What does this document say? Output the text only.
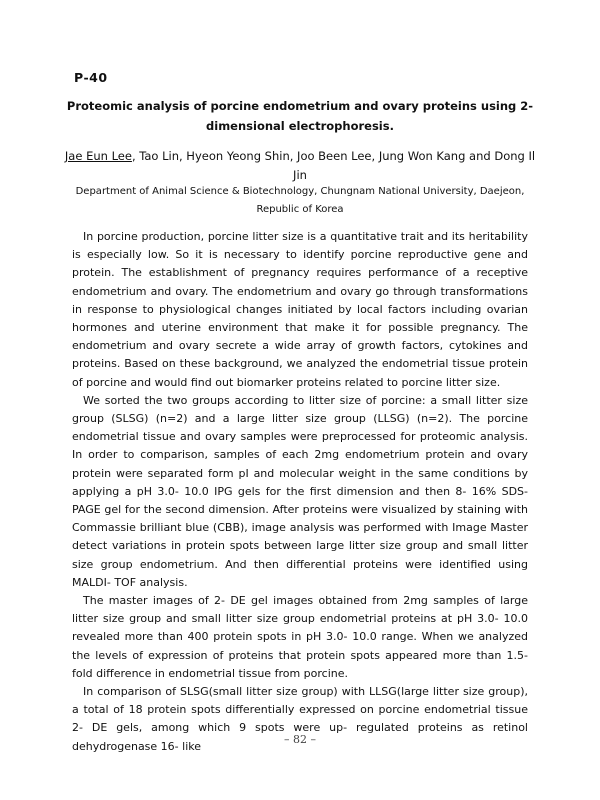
P-40
Proteomic analysis of porcine endometrium and ovary proteins using 2- dimensional electrophoresis.
Jae Eun Lee, Tao Lin, Hyeon Yeong Shin, Joo Been Lee, Jung Won Kang and Dong Il Jin
Department of Animal Science & Biotechnology, Chungnam National University, Daejeon, Republic of Korea

In porcine production, porcine litter size is a quantitative trait and its heritability is especially low. So it is necessary to identify porcine reproductive gene and protein. The establishment of pregnancy requires performance of a receptive endometrium and ovary. The endometrium and ovary go through transformations in response to physiological changes initiated by local factors including ovarian hormones and uterine environment that make it for possible pregnancy. The endometrium and ovary secrete a wide array of growth factors, cytokines and proteins. Based on these background, we analyzed the endometrial tissue protein of porcine and would find out biomarker proteins related to porcine litter size.

We sorted the two groups according to litter size of porcine: a small litter size group (SLSG) (n=2) and a large litter size group (LLSG) (n=2). The porcine endometrial tissue and ovary samples were preprocessed for proteomic analysis. In order to comparison, samples of each 2mg endometrium protein and ovary protein were separated form pI and molecular weight in the same conditions by applying a pH 3.0- 10.0 IPG gels for the first dimension and then 8- 16% SDS- PAGE gel for the second dimension. After proteins were visualized by staining with Commassie brilliant blue (CBB), image analysis was performed with Image Master detect variations in protein spots between large litter size group and small litter size group endometrium. And then differential proteins were identified using MALDI- TOF analysis.

The master images of 2- DE gel images obtained from 2mg samples of large litter size group and small litter size group endometrial proteins at pH 3.0- 10.0 revealed more than 400 protein spots in pH 3.0- 10.0 range. When we analyzed the levels of expression of proteins that protein spots appeared more than 1.5- fold difference in endometrial tissue from porcine.

In comparison of SLSG(small litter size group) with LLSG(large litter size group), a total of 18 protein spots differentially expressed on porcine endometrial tissue 2- DE gels, among which 9 spots were up- regulated proteins as retinol dehydrogenase 16- like

– 82 –
